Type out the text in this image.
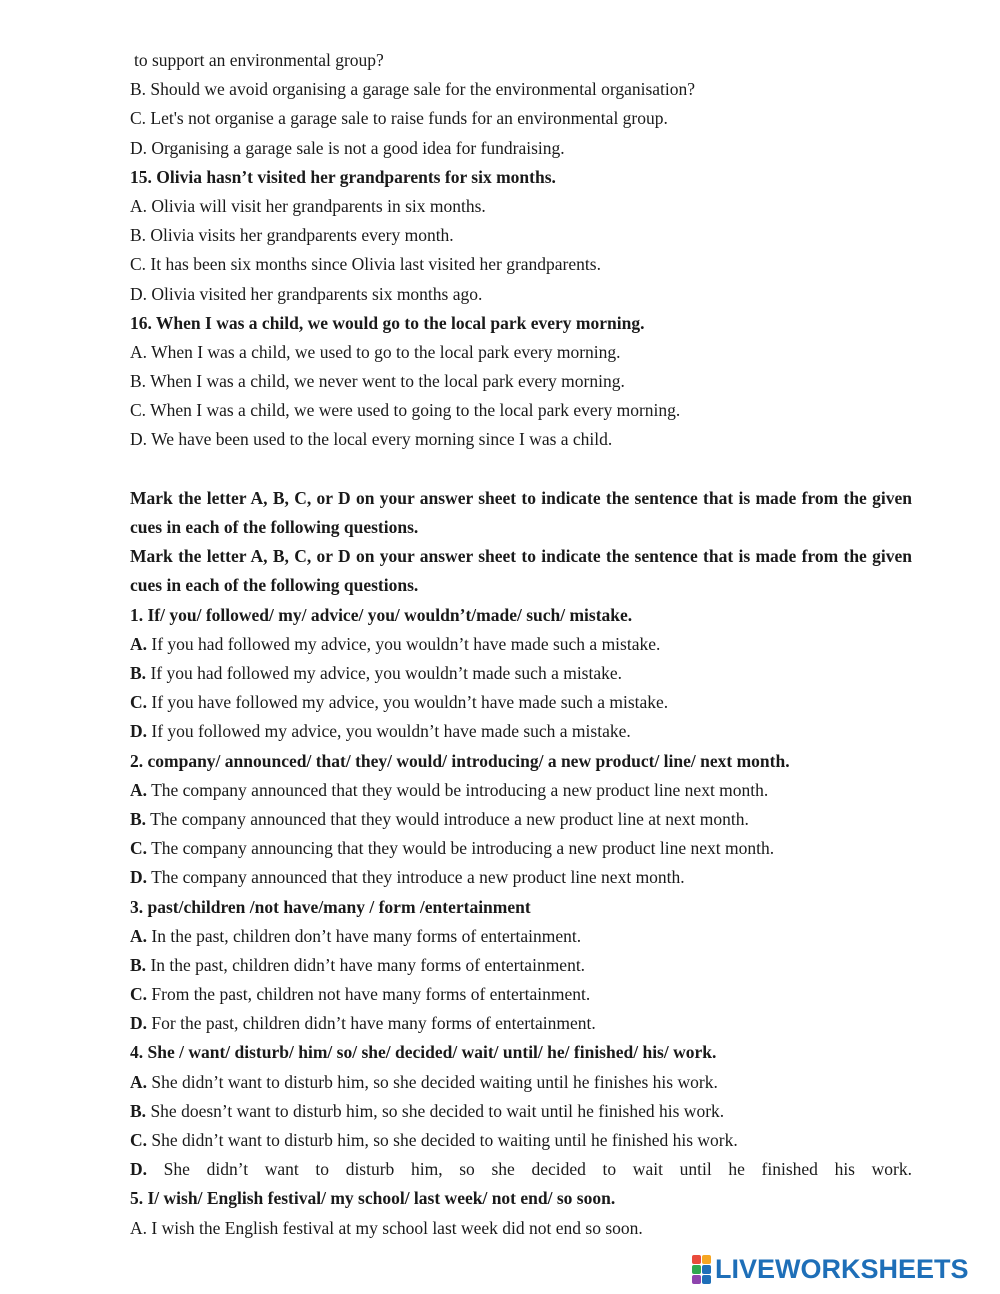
to support an environmental group?
B. Should we avoid organising a garage sale for the environmental organisation?
C. Let's not organise a garage sale to raise funds for an environmental group.
D. Organising a garage sale is not a good idea for fundraising.
15. Olivia hasn’t visited her grandparents for six months.
A. Olivia will visit her grandparents in six months.
B. Olivia visits her grandparents every month.
C. It has been six months since Olivia last visited her grandparents.
D. Olivia visited her grandparents six months ago.
16. When I was a child, we would go to the local park every morning.
A. When I was a child, we used to go to the local park every morning.
B. When I was a child, we never went to the local park every morning.
C. When I was a child, we were used to going to the local park every morning.
D. We have been used to the local every morning since I was a child.
Mark the letter A, B, C, or D on your answer sheet to indicate the sentence that is made from the given cues in each of the following questions.
Mark the letter A, B, C, or D on your answer sheet to indicate the sentence that is made from the given cues in each of the following questions.
1. If/ you/ followed/ my/ advice/ you/ wouldn’t/made/ such/ mistake.
A. If you had followed my advice, you wouldn’t have made such a mistake.
B. If you had followed my advice, you wouldn’t made such a mistake.
C. If you have followed my advice, you wouldn’t have made such a mistake.
D. If you followed my advice, you wouldn’t have made such a mistake.
2. company/ announced/ that/ they/ would/ introducing/ a new product/ line/ next month.
A. The company announced that they would be introducing a new product line next month.
B. The company announced that they would introduce a new product line at next month.
C. The company announcing that they would be introducing a new product line next month.
D. The company announced that they introduce a new product line next month.
3. past/children /not have/many / form /entertainment
A. In the past, children don’t have many forms of entertainment.
B. In the past, children didn’t have many forms of entertainment.
C. From the past, children not have many forms of entertainment.
D. For the past, children didn’t have many forms of entertainment.
4. She / want/ disturb/ him/ so/ she/ decided/ wait/ until/ he/ finished/ his/ work.
A. She didn’t want to disturb him, so she decided waiting until he finishes his work.
B. She doesn’t want to disturb him, so she decided to wait until he finished his work.
C. She didn’t want to disturb him, so she decided to waiting until he finished his work.
D. She didn’t want to disturb him, so she decided to wait until he finished his work.
5. I/ wish/ English festival/ my school/ last week/ not end/ so soon.
A. I wish the English festival at my school last week did not end so soon.
LIVEWORKSHEETS
